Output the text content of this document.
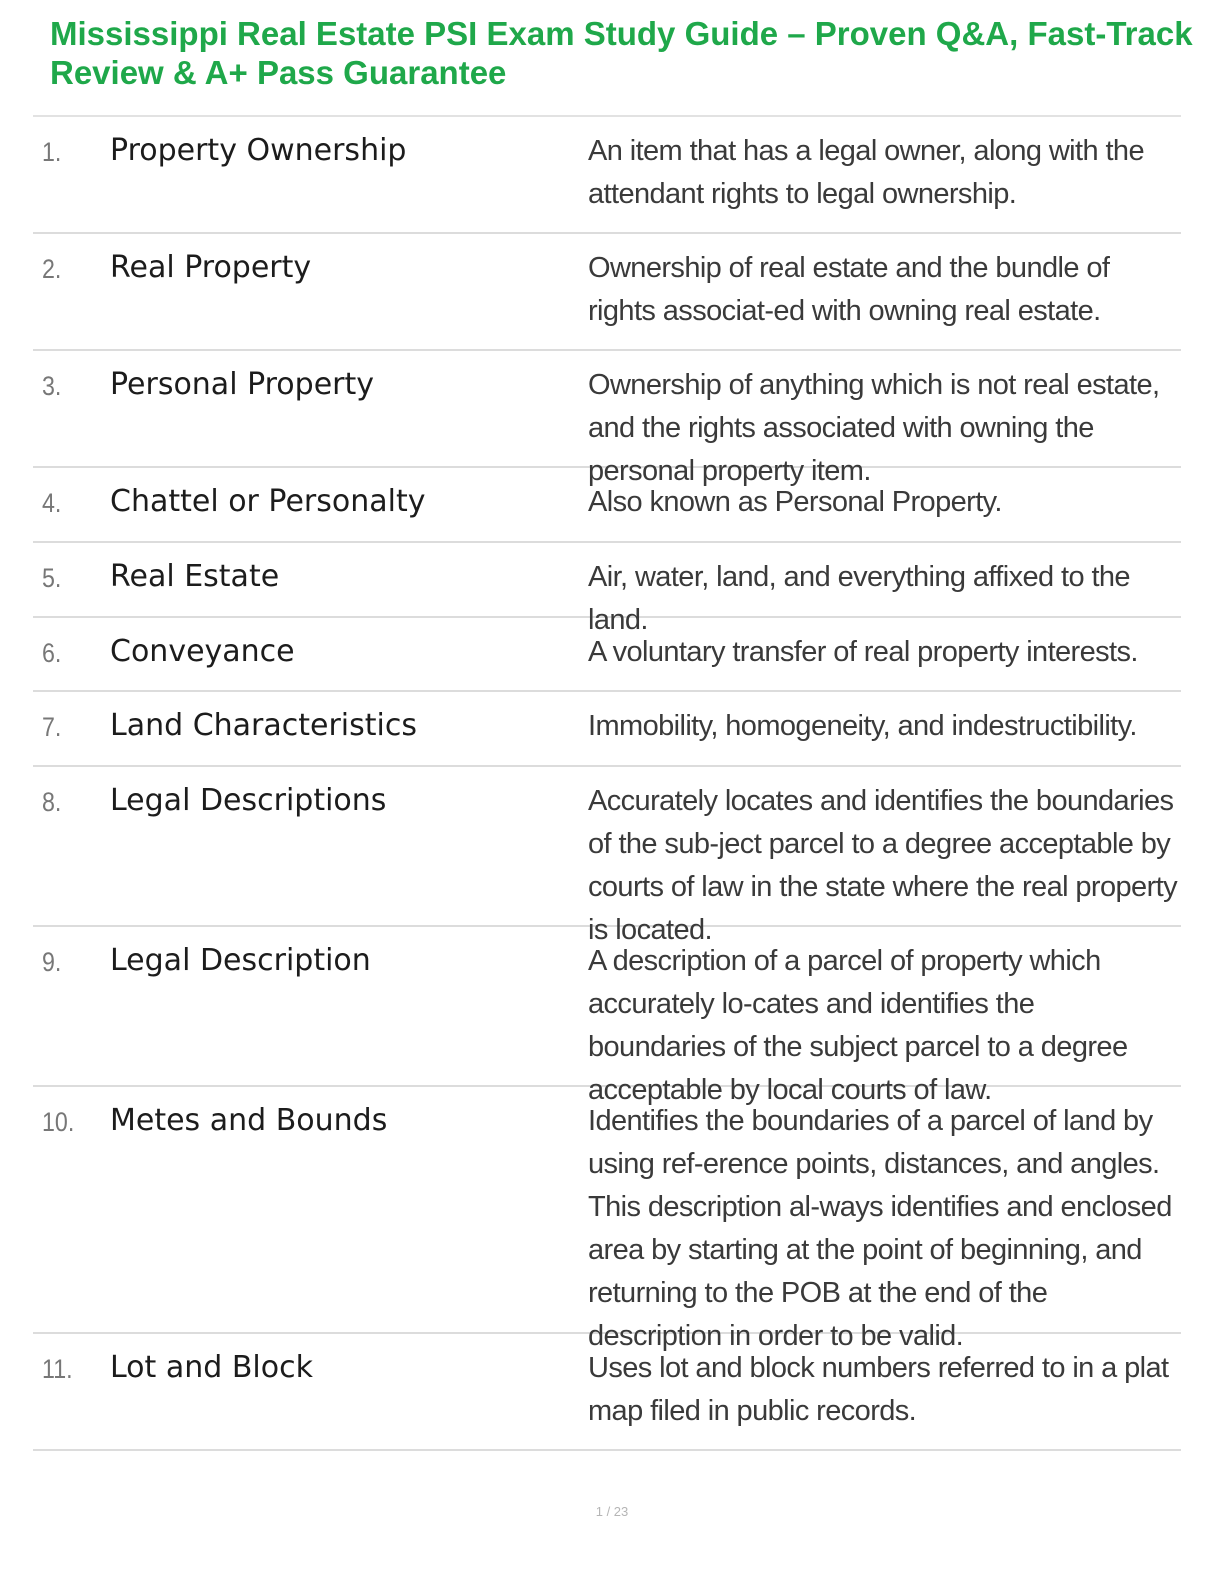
Mississippi Real Estate PSI Exam Study Guide – Proven Q&A, Fast-Track Review & A+ Pass Guarantee
1. Property Ownership	An item that has a legal owner, along with the attendant rights to legal ownership.
2. Real Property	Ownership of real estate and the bundle of rights associat-ed with owning real estate.
3. Personal Property	Ownership of anything which is not real estate, and the rights associated with owning the personal property item.
4. Chattel or Personalty	Also known as Personal Property.
5. Real Estate	Air, water, land, and everything affixed to the land.
6. Conveyance	A voluntary transfer of real property interests.
7. Land Characteristics	Immobility, homogeneity, and indestructibility.
8. Legal Descriptions	Accurately locates and identifies the boundaries of the sub-ject parcel to a degree acceptable by courts of law in the state where the real property is located.
9. Legal Description	A description of a parcel of property which accurately lo-cates and identifies the boundaries of the subject parcel to a degree acceptable by local courts of law.
10. Metes and Bounds	Identifies the boundaries of a parcel of land by using ref-erence points, distances, and angles. This description al-ways identifies and enclosed area by starting at the point of beginning, and returning to the POB at the end of the description in order to be valid.
11. Lot and Block	Uses lot and block numbers referred to in a plat map filed in public records.
1 / 23
